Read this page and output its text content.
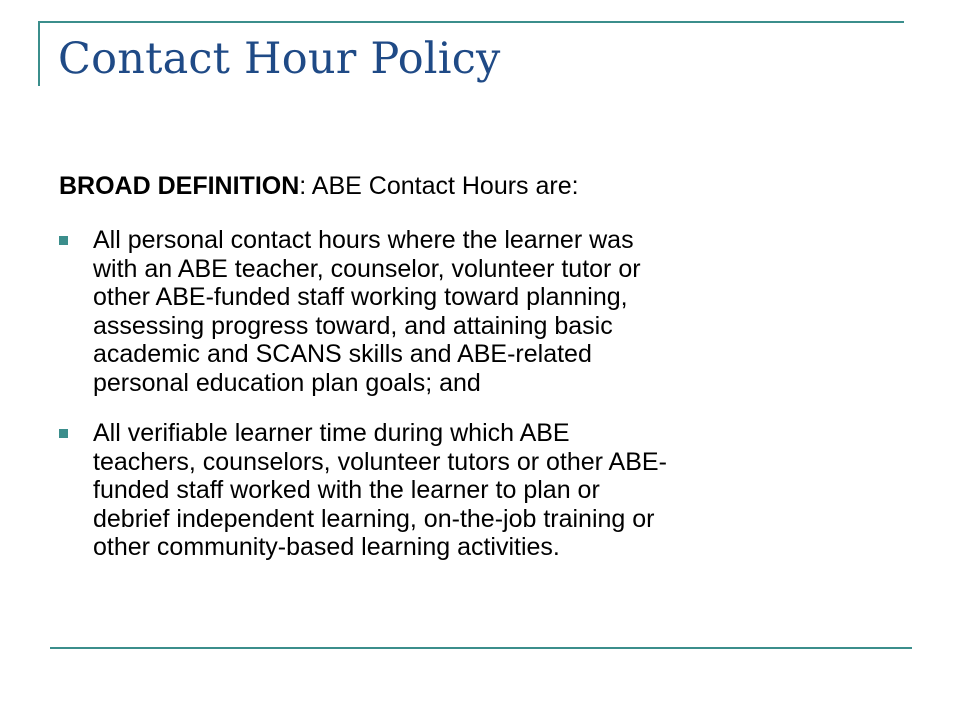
Contact Hour Policy

BROAD DEFINITION: ABE Contact Hours are:

All personal contact hours where the learner was
with an ABE teacher, counselor, volunteer tutor or
other ABE-funded staff working toward planning,
assessing progress toward, and attaining basic
academic and SCANS skills and ABE-related
personal education plan goals; and
All verifiable learner time during which ABE
teachers, counselors, volunteer tutors or other ABE-
funded staff worked with the learner to plan or
debrief independent learning, on-the-job training or
other community-based learning activities.
